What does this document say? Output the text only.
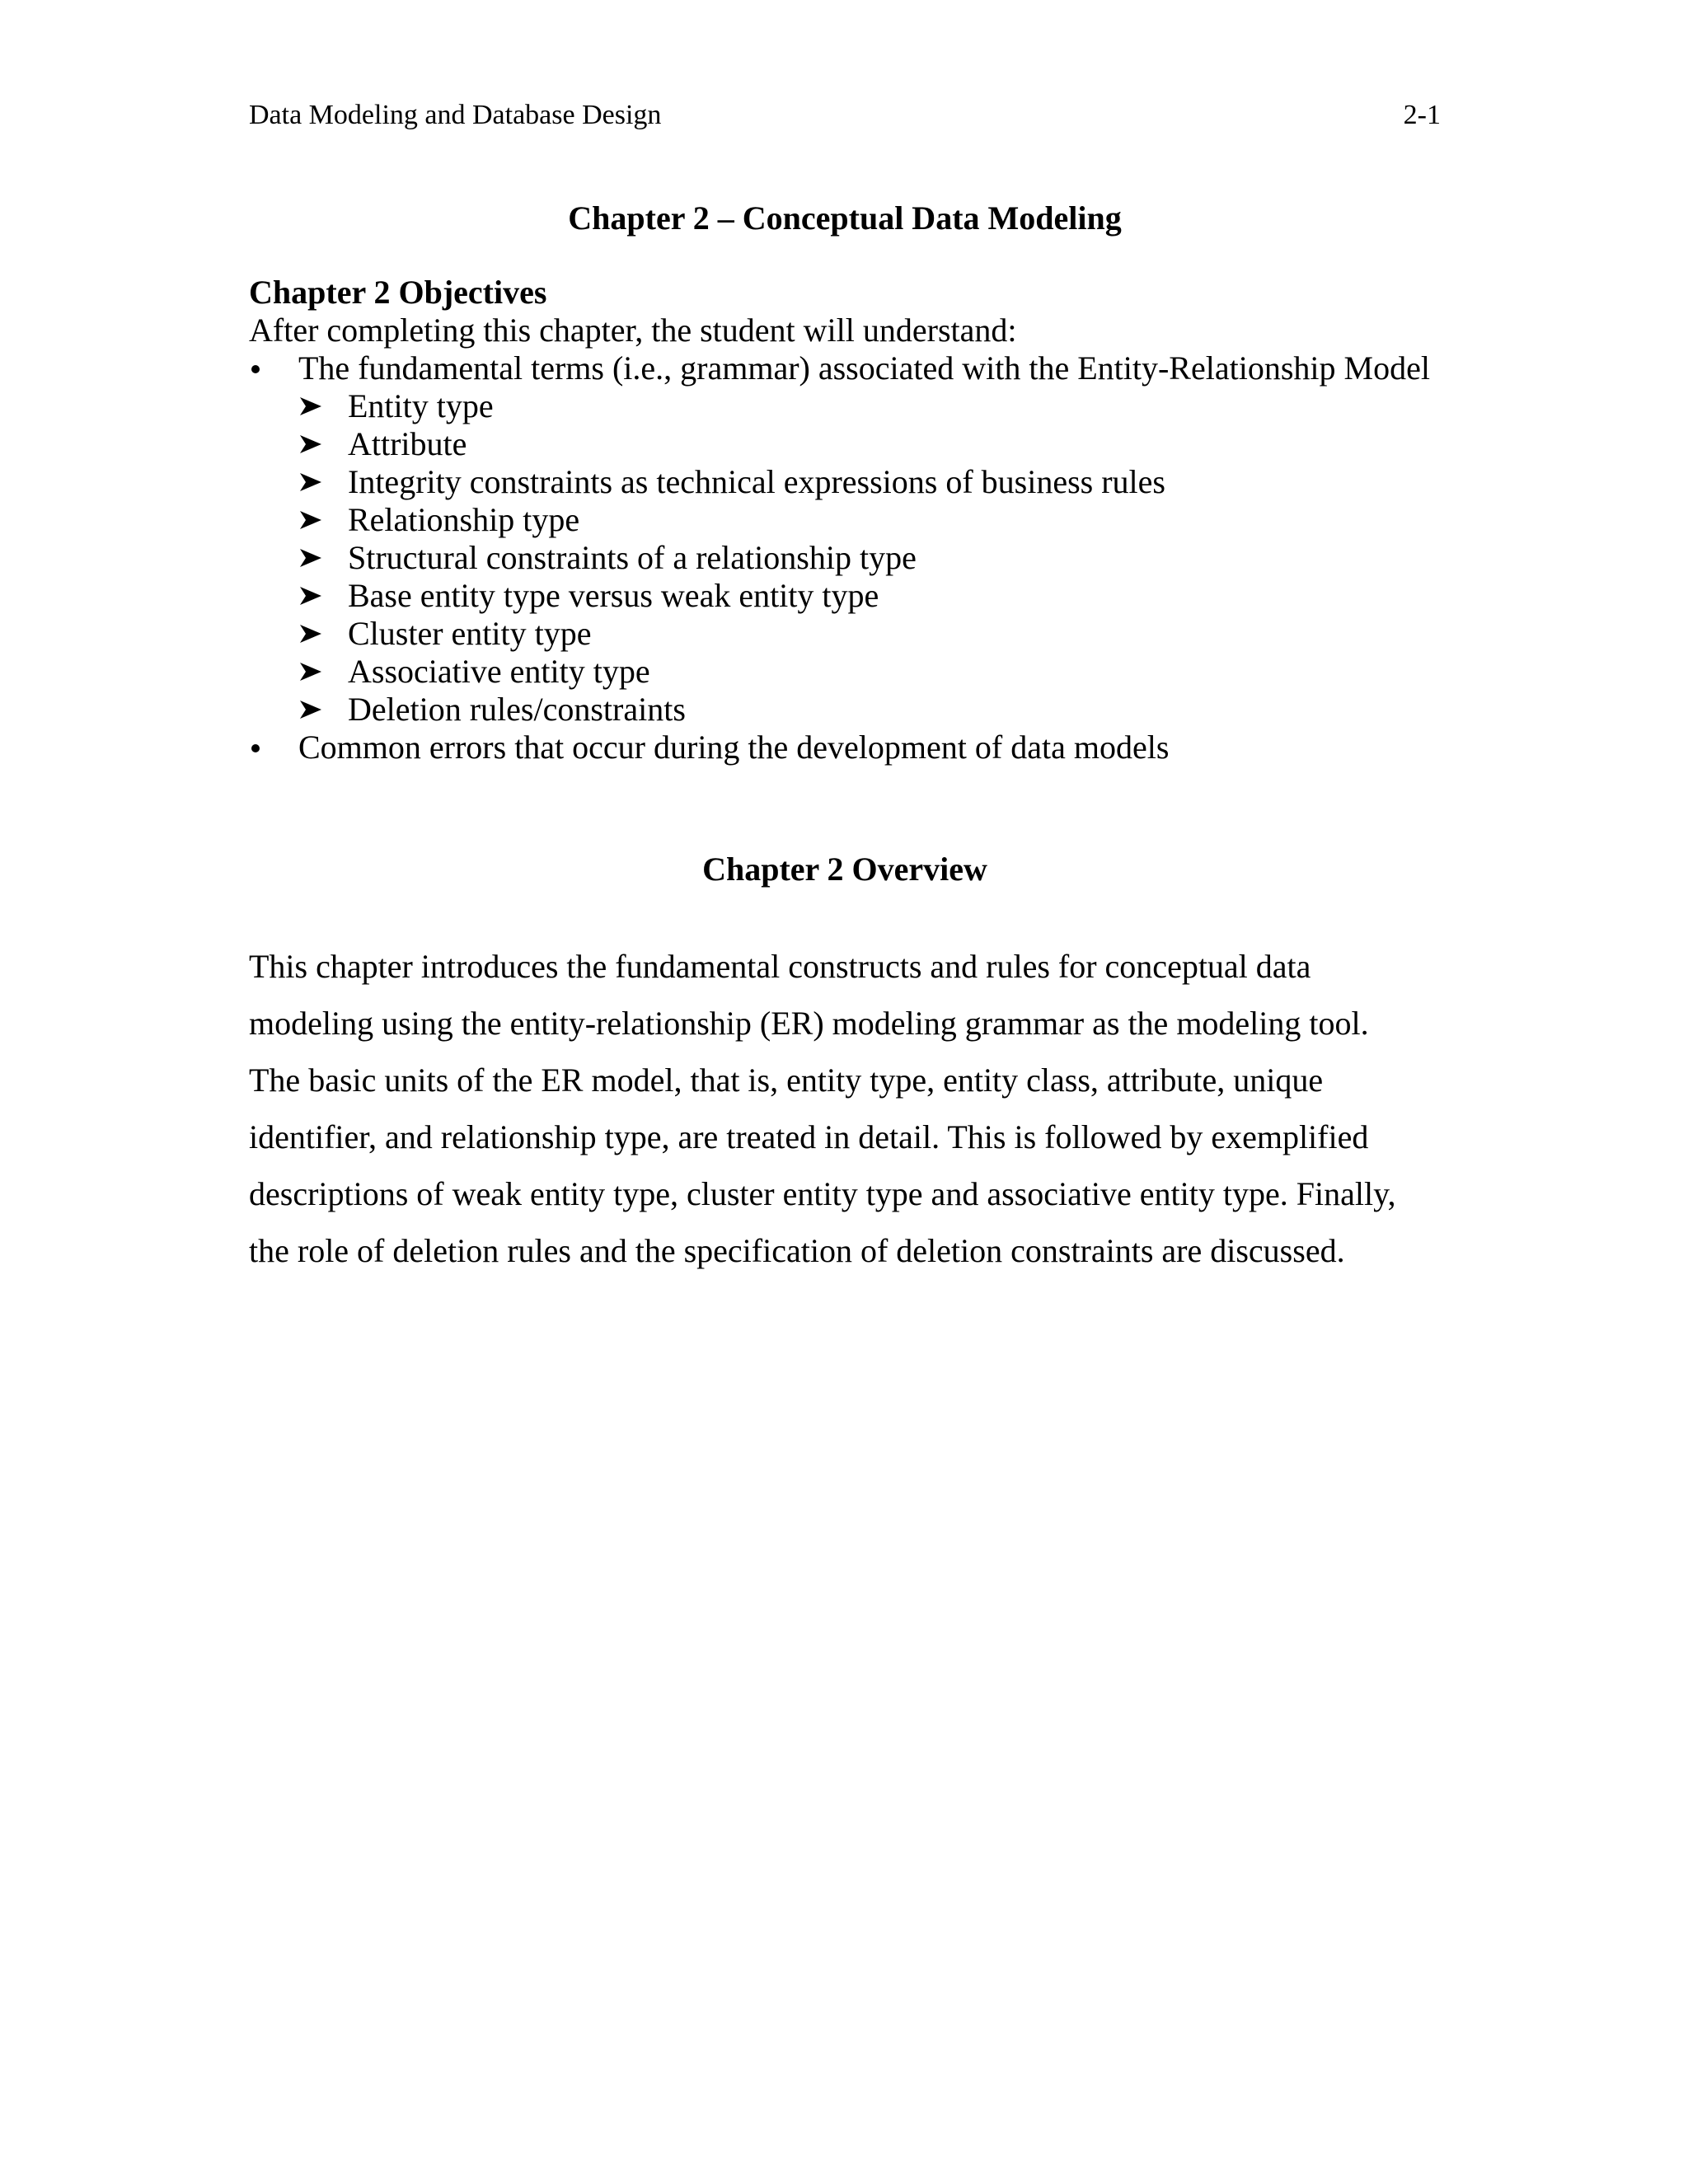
Data Modeling and Database Design	2-1
Chapter 2 – Conceptual Data Modeling

Chapter 2 Objectives

After completing this chapter, the student will understand:

The fundamental terms (i.e., grammar) associated with the Entity-Relationship Model
Entity type
Attribute
Integrity constraints as technical expressions of business rules
Relationship type
Structural constraints of a relationship type
Base entity type versus weak entity type
Cluster entity type
Associative entity type
Deletion rules/constraints
Common errors that occur during the development of data models
Chapter 2 Overview
This chapter introduces the fundamental constructs and rules for conceptual data
modeling using the entity-relationship (ER) modeling grammar as the modeling tool.
The basic units of the ER model, that is, entity type, entity class, attribute, unique
identifier, and relationship type, are treated in detail. This is followed by exemplified
descriptions of weak entity type, cluster entity type and associative entity type. Finally,
the role of deletion rules and the specification of deletion constraints are discussed.
